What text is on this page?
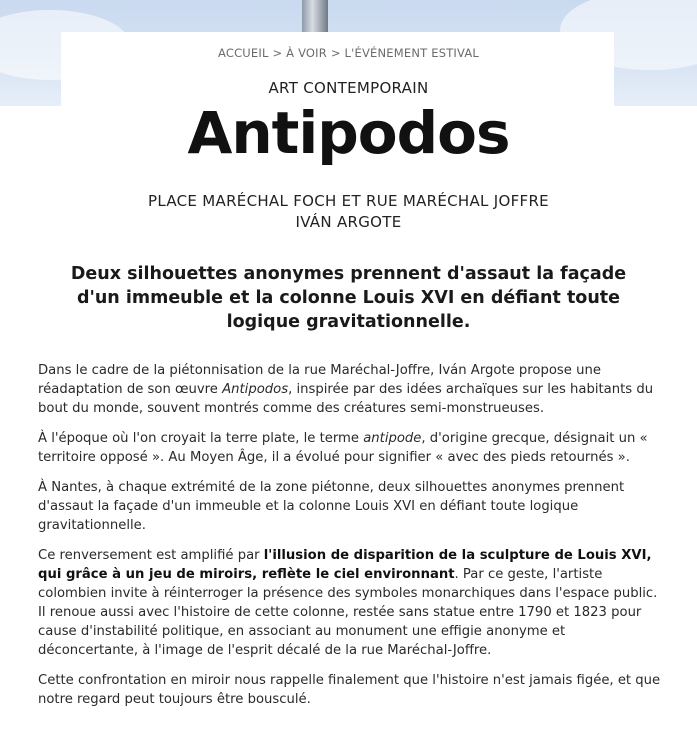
ACCUEIL > À VOIR > L'ÉVÉNEMENT ESTIVAL
ART CONTEMPORAIN
Antipodos
PLACE MARÉCHAL FOCH ET RUE MARÉCHAL JOFFRE
IVÁN ARGOTE

Deux silhouettes anonymes prennent d'assaut la façade d'un immeuble et la colonne Louis XVI en défiant toute logique gravitationnelle.

Dans le cadre de la piétonnisation de la rue Maréchal-Joffre, Iván Argote propose une réadaptation de son œuvre Antipodos, inspirée par des idées archaïques sur les habitants du bout du monde, souvent montrés comme des créatures semi-monstrueuses.

À l'époque où l'on croyait la terre plate, le terme antipode, d'origine grecque, désignait un « territoire opposé ». Au Moyen Âge, il a évolué pour signifier « avec des pieds retournés ».

À Nantes, à chaque extrémité de la zone piétonne, deux silhouettes anonymes prennent d'assaut la façade d'un immeuble et la colonne Louis XVI en défiant toute logique gravitationnelle.

Ce renversement est amplifié par l'illusion de disparition de la sculpture de Louis XVI, qui grâce à un jeu de miroirs, reflète le ciel environnant. Par ce geste, l'artiste colombien invite à réinterroger la présence des symboles monarchiques dans l'espace public. Il renoue aussi avec l'histoire de cette colonne, restée sans statue entre 1790 et 1823 pour cause d'instabilité politique, en associant au monument une effigie anonyme et déconcertante, à l'image de l'esprit décalé de la rue Maréchal-Joffre.

Cette confrontation en miroir nous rappelle finalement que l'histoire n'est jamais figée, et que notre regard peut toujours être bousculé.
